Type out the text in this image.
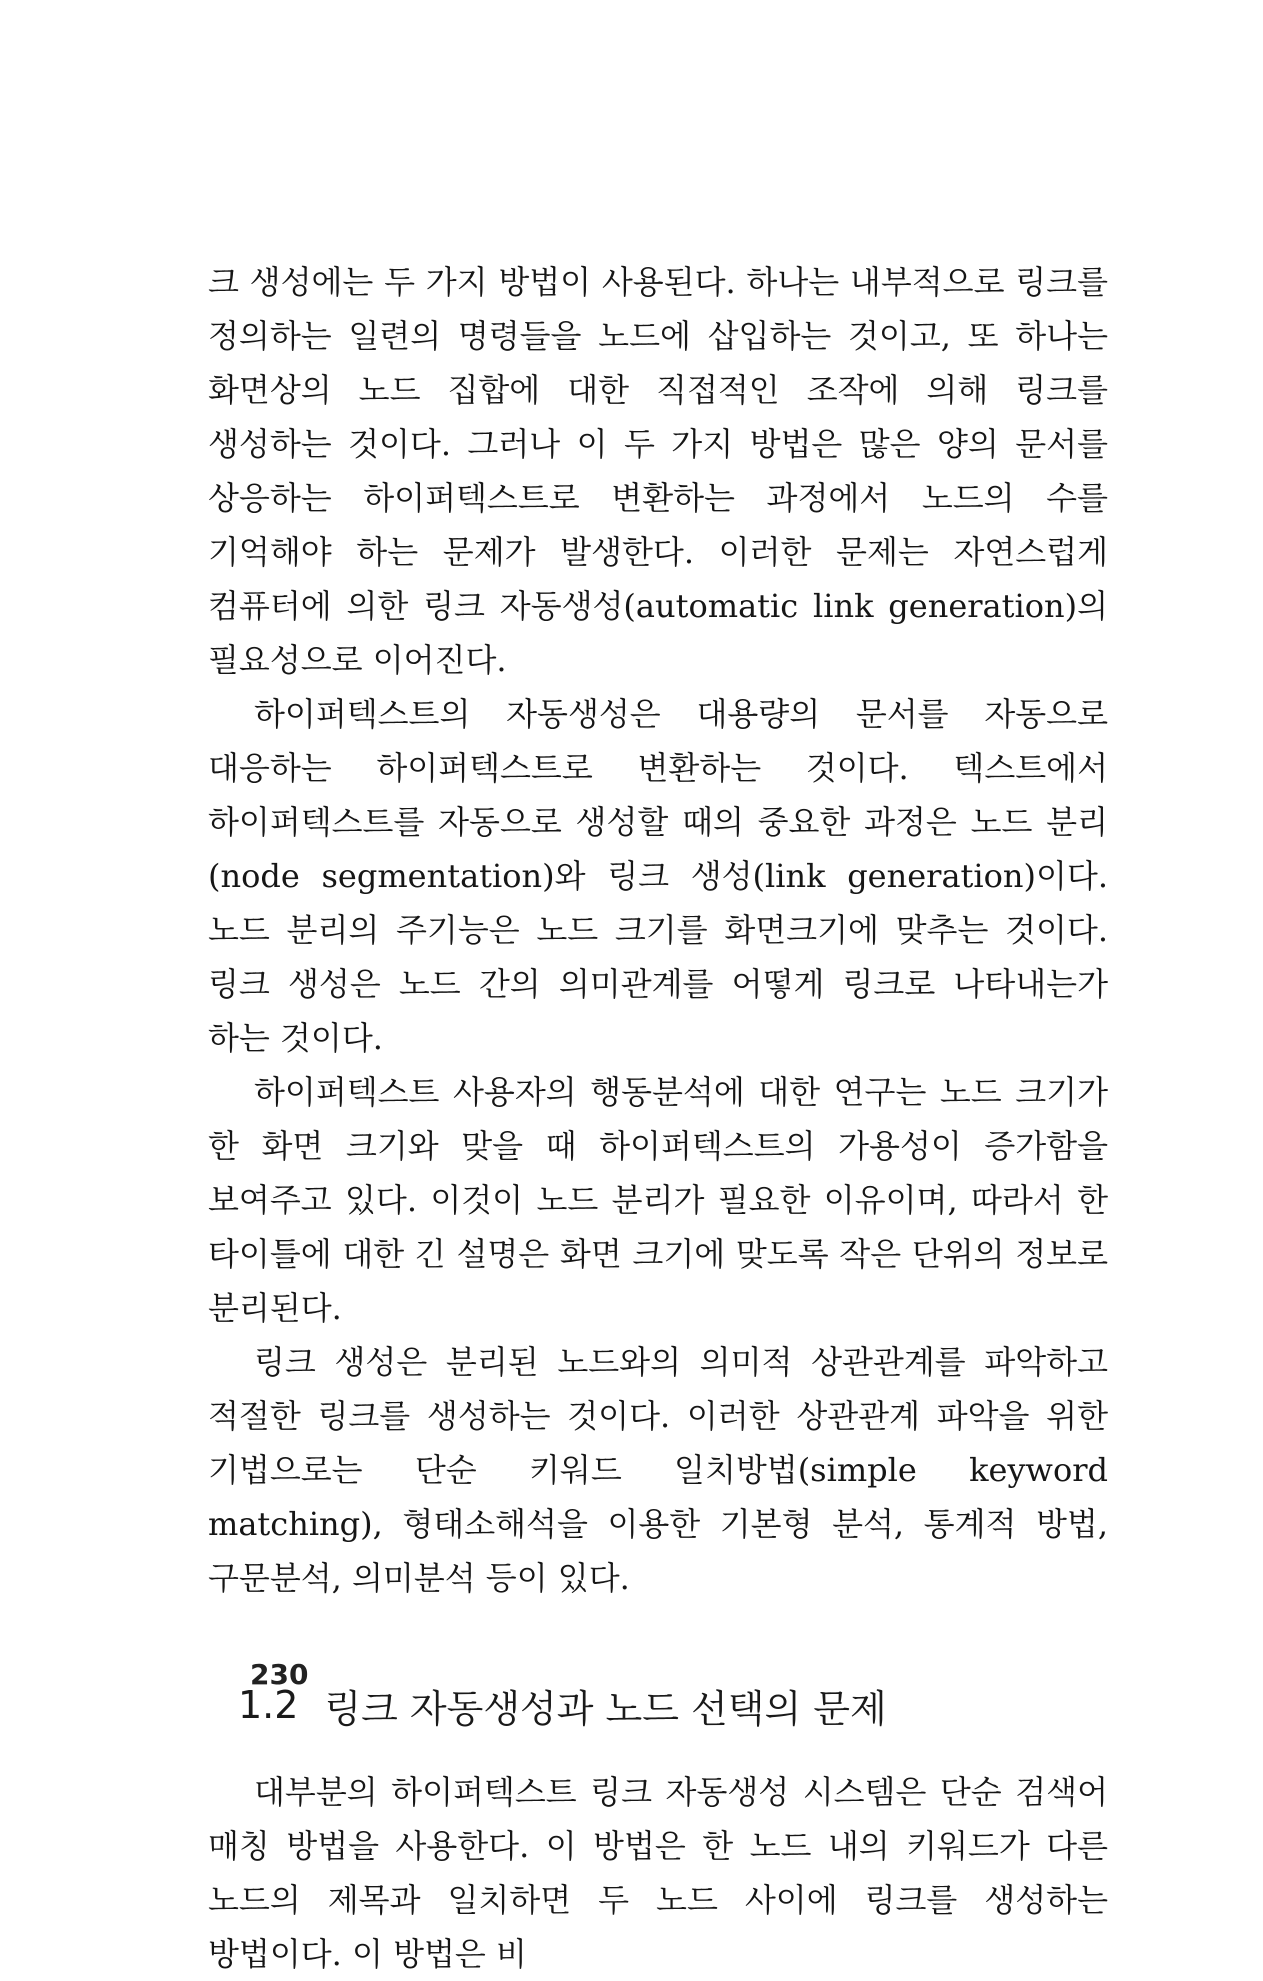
크 생성에는 두 가지 방법이 사용된다. 하나는 내부적으로 링크를 정의하는 일련의 명령들을 노드에 삽입하는 것이고, 또 하나는 화면상의 노드 집합에 대한 직접적인 조작에 의해 링크를 생성하는 것이다. 그러나 이 두 가지 방법은 많은 양의 문서를 상응하는 하이퍼텍스트로 변환하는 과정에서 노드의 수를 기억해야 하는 문제가 발생한다. 이러한 문제는 자연스럽게 컴퓨터에 의한 링크 자동생성(automatic link generation)의 필요성으로 이어진다.

하이퍼텍스트의 자동생성은 대용량의 문서를 자동으로 대응하는 하이퍼텍스트로 변환하는 것이다. 텍스트에서 하이퍼텍스트를 자동으로 생성할 때의 중요한 과정은 노드 분리(node segmentation)와 링크 생성(link generation)이다. 노드 분리의 주기능은 노드 크기를 화면크기에 맞추는 것이다. 링크 생성은 노드 간의 의미관계를 어떻게 링크로 나타내는가 하는 것이다.

하이퍼텍스트 사용자의 행동분석에 대한 연구는 노드 크기가 한 화면 크기와 맞을 때 하이퍼텍스트의 가용성이 증가함을 보여주고 있다. 이것이 노드 분리가 필요한 이유이며, 따라서 한 타이틀에 대한 긴 설명은 화면 크기에 맞도록 작은 단위의 정보로 분리된다.

링크 생성은 분리된 노드와의 의미적 상관관계를 파악하고 적절한 링크를 생성하는 것이다. 이러한 상관관계 파악을 위한 기법으로는 단순 키워드 일치방법(simple keyword matching), 형태소해석을 이용한 기본형 분석, 통계적 방법, 구문분석, 의미분석 등이 있다.

1.2 링크 자동생성과 노드 선택의 문제

대부분의 하이퍼텍스트 링크 자동생성 시스템은 단순 검색어 매칭 방법을 사용한다. 이 방법은 한 노드 내의 키워드가 다른 노드의 제목과 일치하면 두 노드 사이에 링크를 생성하는 방법이다. 이 방법은 비

230
